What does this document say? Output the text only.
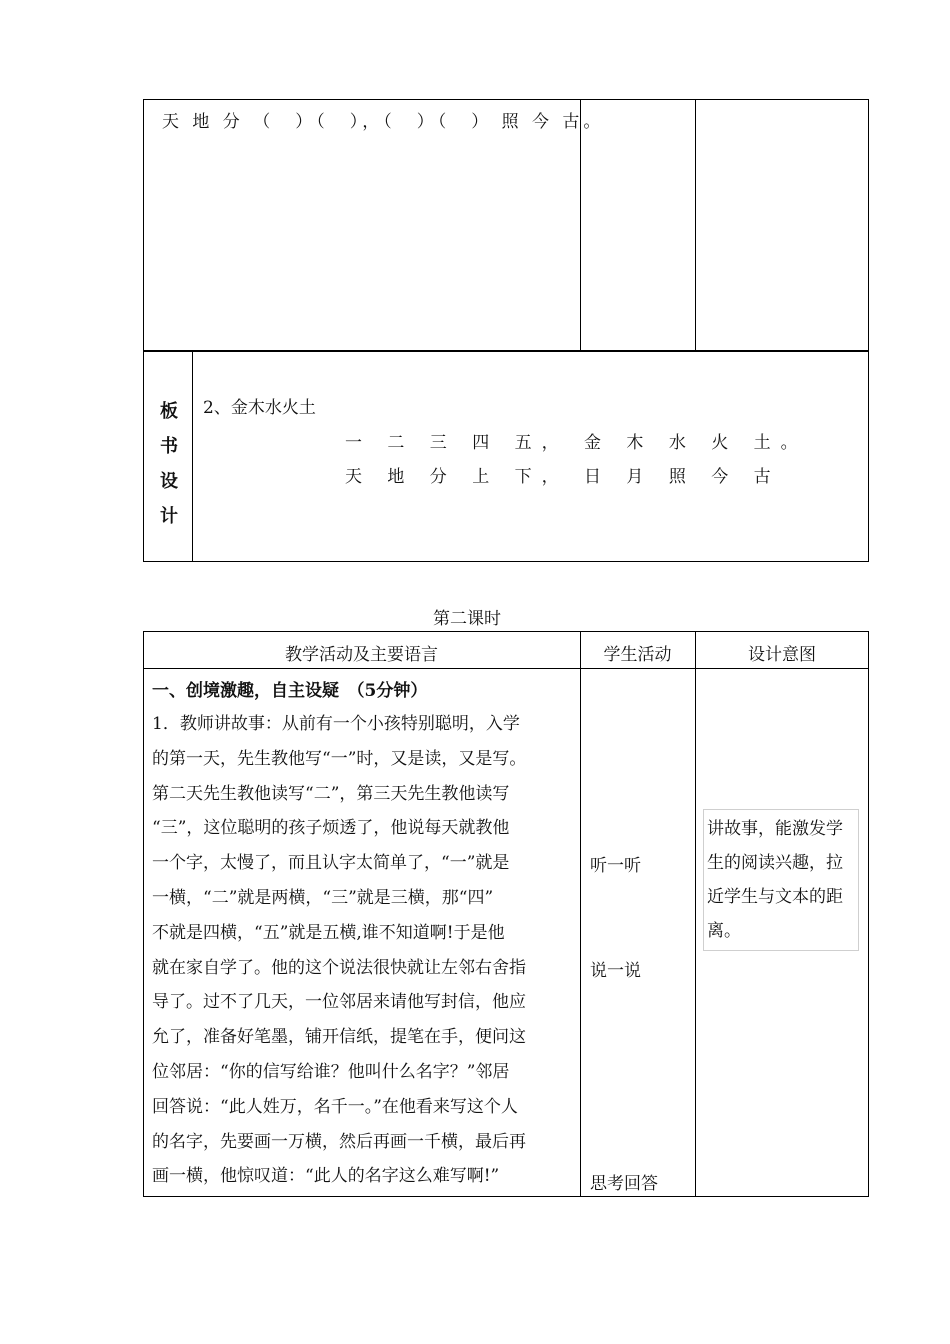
天 地 分 （　）（　），（　）（　） 照 今 古。
板
书
设
计
2、金木水火土
一 二 三 四 五， 金 木 水 火 土。
天 地 分 上 下， 日 月 照 今 古
第二课时
教学活动及主要语言	学生活动	设计意图
一、创境激趣，自主设疑　（5分钟）
1．教师讲故事：从前有一个小孩特别聪明，入学
的第一天，先生教他写“一”时，又是读，又是写。
第二天先生教他读写“二”，第三天先生教他读写
“三”，这位聪明的孩子烦透了，他说每天就教他
一个字，太慢了，而且认字太简单了，“一”就是
一横，“二”就是两横，“三”就是三横，那“四”
不就是四横，“五”就是五横,谁不知道啊!于是他
就在家自学了。他的这个说法很快就让左邻右舍指
导了。过不了几天，一位邻居来请他写封信，他应
允了，准备好笔墨，铺开信纸，提笔在手，便问这
位邻居：“你的信写给谁？他叫什么名字？”邻居
回答说：“此人姓万，名千一。”在他看来写这个人
的名字，先要画一万横，然后再画一千横，最后再
画一横，他惊叹道：“此人的名字这么难写啊!”
听一听
说一说
思考回答
讲故事，能激发学
生的阅读兴趣，拉
近学生与文本的距
离。
